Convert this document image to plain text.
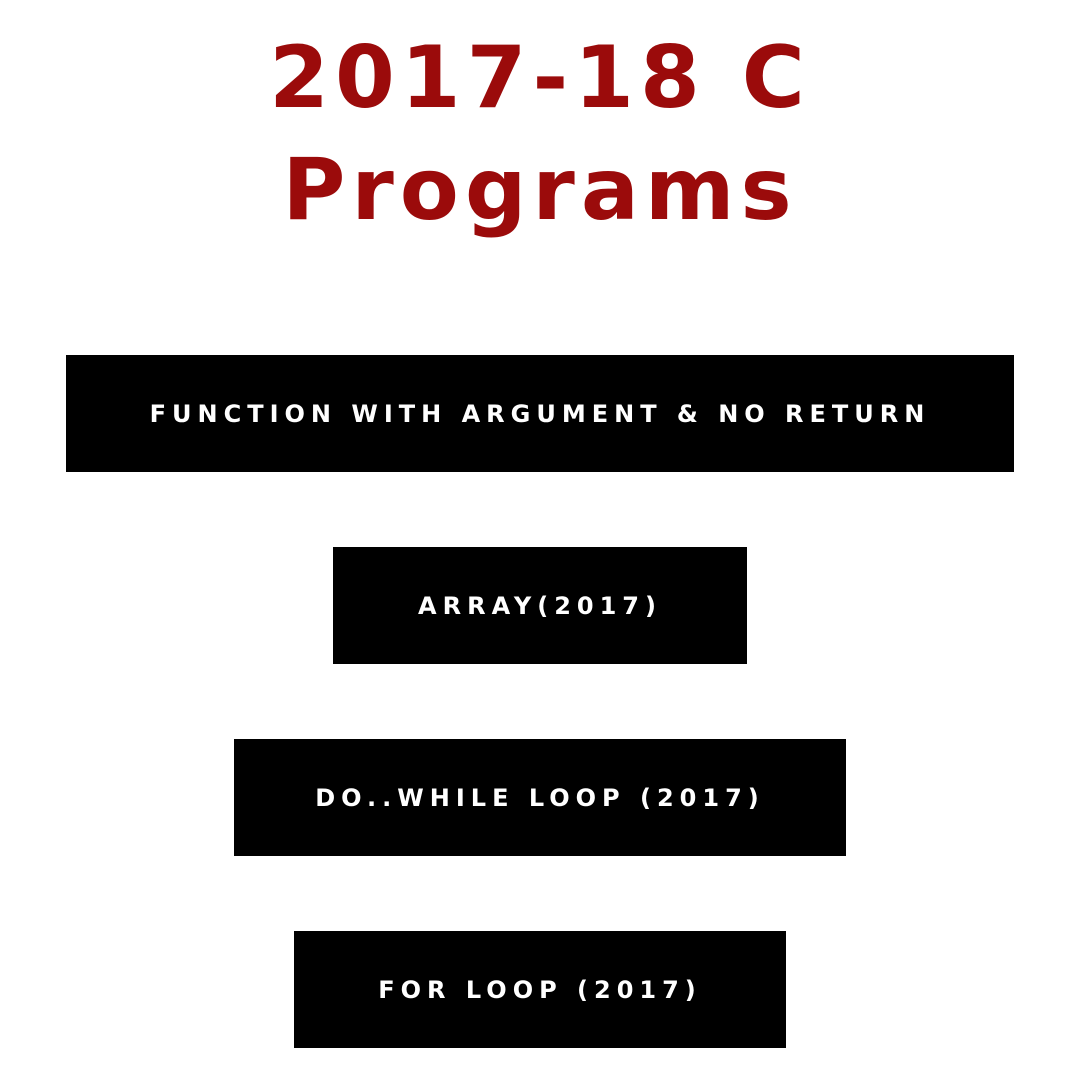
2017-18 C
Programs
FUNCTION WITH ARGUMENT & NO RETURN
ARRAY(2017)
DO..WHILE LOOP (2017)
FOR LOOP (2017)
